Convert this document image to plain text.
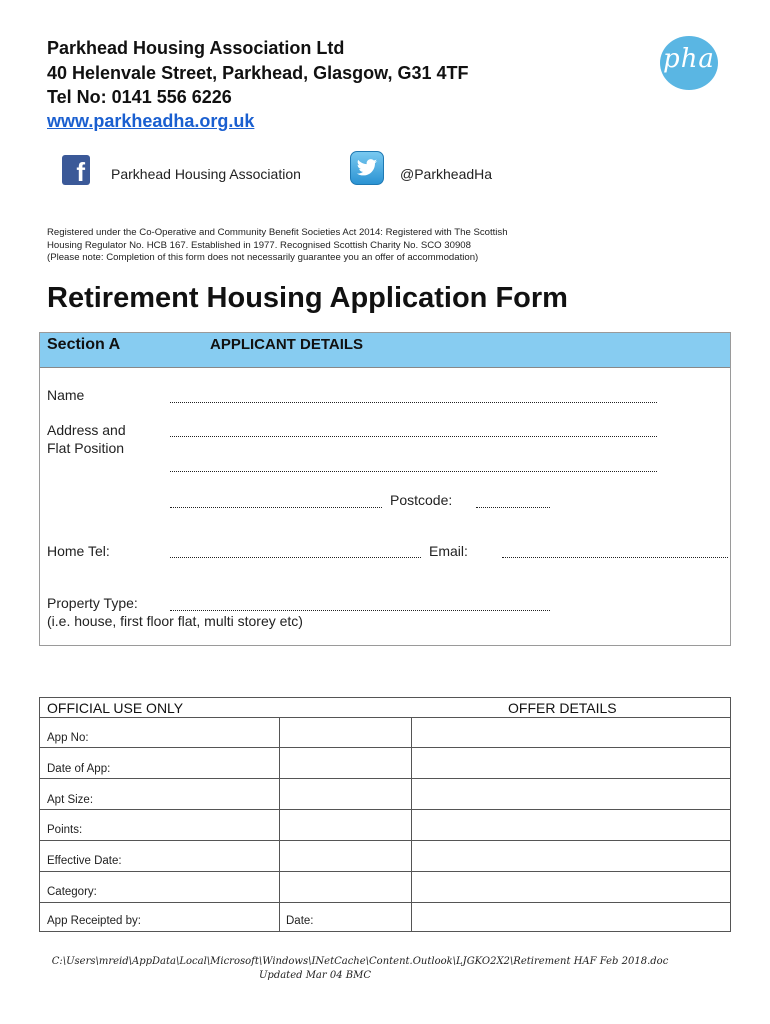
Parkhead Housing Association Ltd
40 Helenvale Street, Parkhead, Glasgow, G31 4TF
Tel No: 0141 556 6226
www.parkheadha.org.uk
pha
f Parkhead Housing Association	@ParkheadHa
Registered under the Co-Operative and Community Benefit Societies Act 2014: Registered with The Scottish
Housing Regulator No. HCB 167. Established in 1977. Recognised Scottish Charity No. SCO 30908
(Please note: Completion of this form does not necessarily guarantee you an offer of accommodation)
Retirement Housing Application Form
Section A	APPLICANT DETAILS
Name
Address and
Flat Position
Postcode:
Home Tel:	Email:
Property Type:
(i.e. house, first floor flat, multi storey etc)
OFFICIAL USE ONLY	OFFER DETAILS
App No:
Date of App:
Apt Size:
Points:
Effective Date:
Category:
App Receipted by:	Date:
C:\Users\mreid\AppData\Local\Microsoft\Windows\INetCache\Content.Outlook\LJGKO2X2\Retirement HAF Feb 2018.doc
Updated Mar 04 BMC
